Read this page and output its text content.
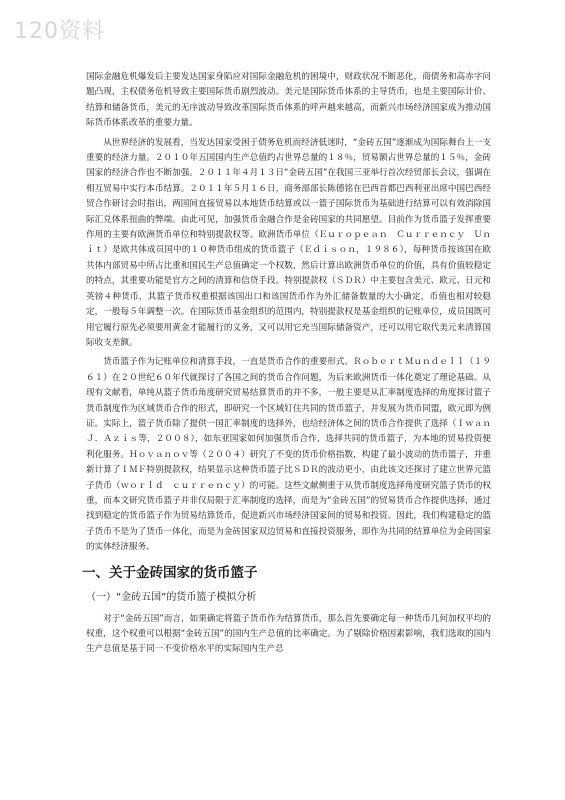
120资料

国际金融危机爆发后主要发达国家身陷应对国际金融危机的困境中，财政状况不断恶化，商债务和高赤字问题凸现，主权债务危机导致主要国际货币剧烈波动。美元是国际货币体系的主导货币，也是主要国际计价、结算和储备货币，美元的无序波动导致改革国际货币体系的呼声越来越高，而新兴市场经济国家成为推动国际货币体系改革的重要力量。

从世界经济的发展看，当发达国家受困于债务危机而经济低迷时，“金砖五国”逐渐成为国际舞台上一支重要的经济力量。２０１０年五国国内生产总值约占世界总量的１８％，贸易额占世界总量的１５％，金砖国家的经济合作也不断加强。２０１１年４月１３日“金砖五国”在我国三亚举行首次经贸部长会议，强调在相互贸易中实行本币结算。２０１１年５月１６日，商务部部长陈德铭在巴西首都巴西利亚出席中国巴西经贸合作研讨会时指出，两国间直接贸易以本地货币结算或以一篮子国际货币为基础进行结算可以有效消除国际汇兑体系扭曲的弊端。由此可见，加强货币金融合作是金砖国家的共同愿望。目前作为货币篮子发挥重要作用的主要有欧洲货币单位和特别提款权等。欧洲货币单位（Ｅｕｒｏｐｅａｎ　Ｃｕｒｒｅｎｃｙ　Ｕｎｉｔ）是欧共体成员国中的１０种货币组成的货币篮子（Ｅｄｉｓｏｎ，１９８６），每种货币按该国在欧共体内部贸易中所占比重和国民生产总值确定一个权数，然后计算出欧洲货币单位的价值，具有价值较稳定的特点，其重要功能是官方之间的清算和信贷手段。特别提款权（ＳＤＲ）中主要包含美元、欧元、日元和英镑４种货币，其篮子货币权重根据该国出口和该国货币作为外汇储备数量的大小确定，币值也相对较稳定，一般每５年调整一次。在国际货币基金组织的范围内，特别提款权是基金组织的记账单位，成员国既可用它履行原先必须要用黄金才能履行的义务，又可以用它充当国际储备资产，还可以用它取代美元来清算国际收支差额。

货币篮子作为记账单位和清算手段，一直是货币合作的重要形式。ＲｏｂｅｒｔＭｕｎｄｅｌｌ（１９６１）在２０世纪６０年代就探讨了各国之间的货币合作问题，为后来欧洲货币一体化奠定了理论基础。从现有文献看，单纯从篮子货币角度研究贸易结算货币的并不多，一般主要是从汇率制度选择的角度探讨篮子货币制度作为区域货币合作的形式，即研究一个区域钉住共同的货币篮子，并发展为货币同盟，欧元即为例证。实际上，篮子货币除了提供一国汇率制度的选择外，也给经济体之间的货币合作提供了选择（Ｉｗａｎ　Ｊ．Ａｚｉｓ等，２００８），如东亚国家如何加强货币合作，选择共同的货币篮子，为本地的贸易投资便利化服务。Ｈｏｖａｎｏｖ等（２００４）研究了不变的货币价格指数，构建了最小波动的货币篮子，并重新计算了ＩＭＦ特别提款权，结果显示这种货币篮子比ＳＤＲ的波动更小，由此该文还探讨了建立世界元篮子货币（ｗｏｒｌｄ　ｃｕｒｒｅｎｃｙ）的可能。这些文献侧重于从货币制度选择角度研究篮子货币的权重，而本文研究货币篮子并非仅局限于汇率制度的选择，而是为“金砖五国”的贸易货币合作提供选择，通过找到稳定的货币篮子作为贸易结算货币，促进新兴市场经济国家间的贸易和投资。因此，我们构建稳定的篮子货币不是为了货币一体化，而是为金砖国家双边贸易和直接投资服务，即作为共同的结算单位为金砖国家的实体经济服务。

一、关于金砖国家的货币篮子
（一）“金砖五国”的货币篮子模拟分析

对于“金砖五国”而言，如果确定将篮子货币作为结算货币，那么首先要确定每一种货币几何加权平均的权重，这个权重可以根据“金砖五国”的国内生产总值的比率确定。为了剔除价格因素影响，我们选取的国内生产总值是基于同一不变价格水平的实际国内生产总
